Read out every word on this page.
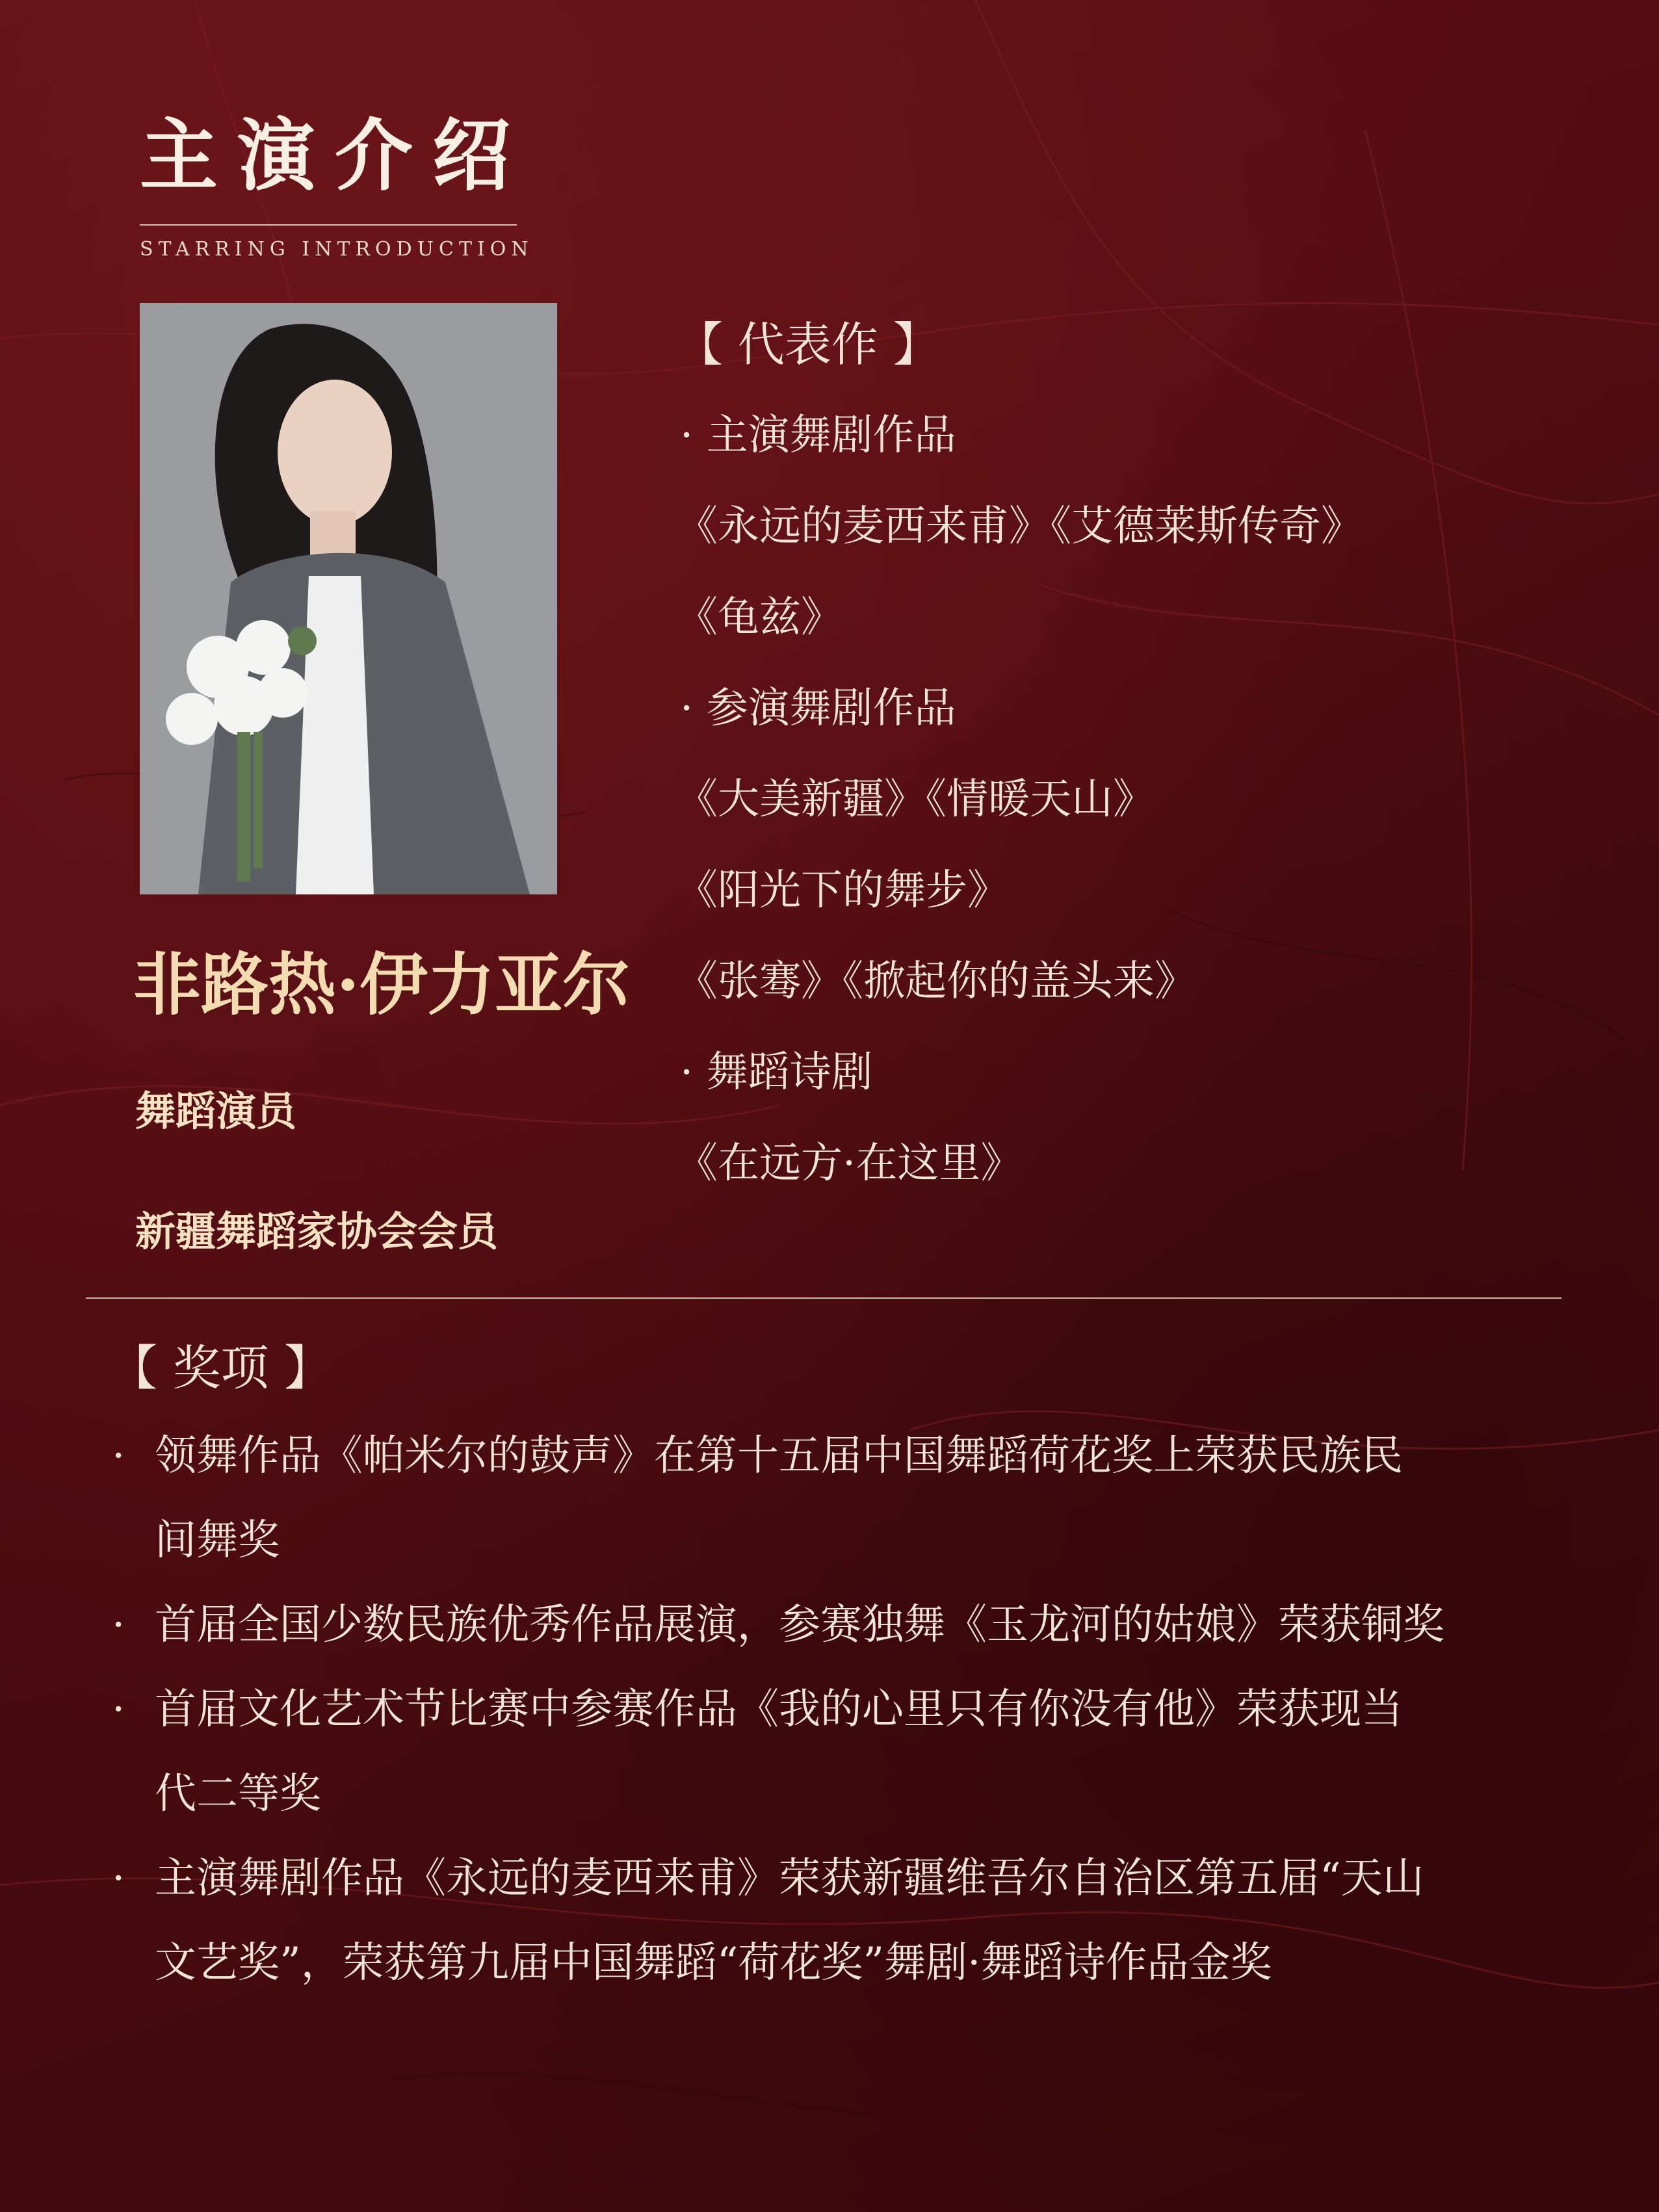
主演介绍
STARRING INTRODUCTION
非路热·伊力亚尔
舞蹈演员
新疆舞蹈家协会会员
【 代表作 】
· 主演舞剧作品
《永远的麦西来甫》《艾德莱斯传奇》
《龟兹》
· 参演舞剧作品
《大美新疆》《情暖天山》
《阳光下的舞步》
《张骞》《掀起你的盖头来》
· 舞蹈诗剧
《在远方·在这里》
【 奖项 】
· 领舞作品《帕米尔的鼓声》在第十五届中国舞蹈荷花奖上荣获民族民
间舞奖
· 首届全国少数民族优秀作品展演，参赛独舞《玉龙河的姑娘》荣获铜奖
· 首届文化艺术节比赛中参赛作品《我的心里只有你没有他》荣获现当
代二等奖
· 主演舞剧作品《永远的麦西来甫》荣获新疆维吾尔自治区第五届“天山
文艺奖”，荣获第九届中国舞蹈“荷花奖”舞剧·舞蹈诗作品金奖
